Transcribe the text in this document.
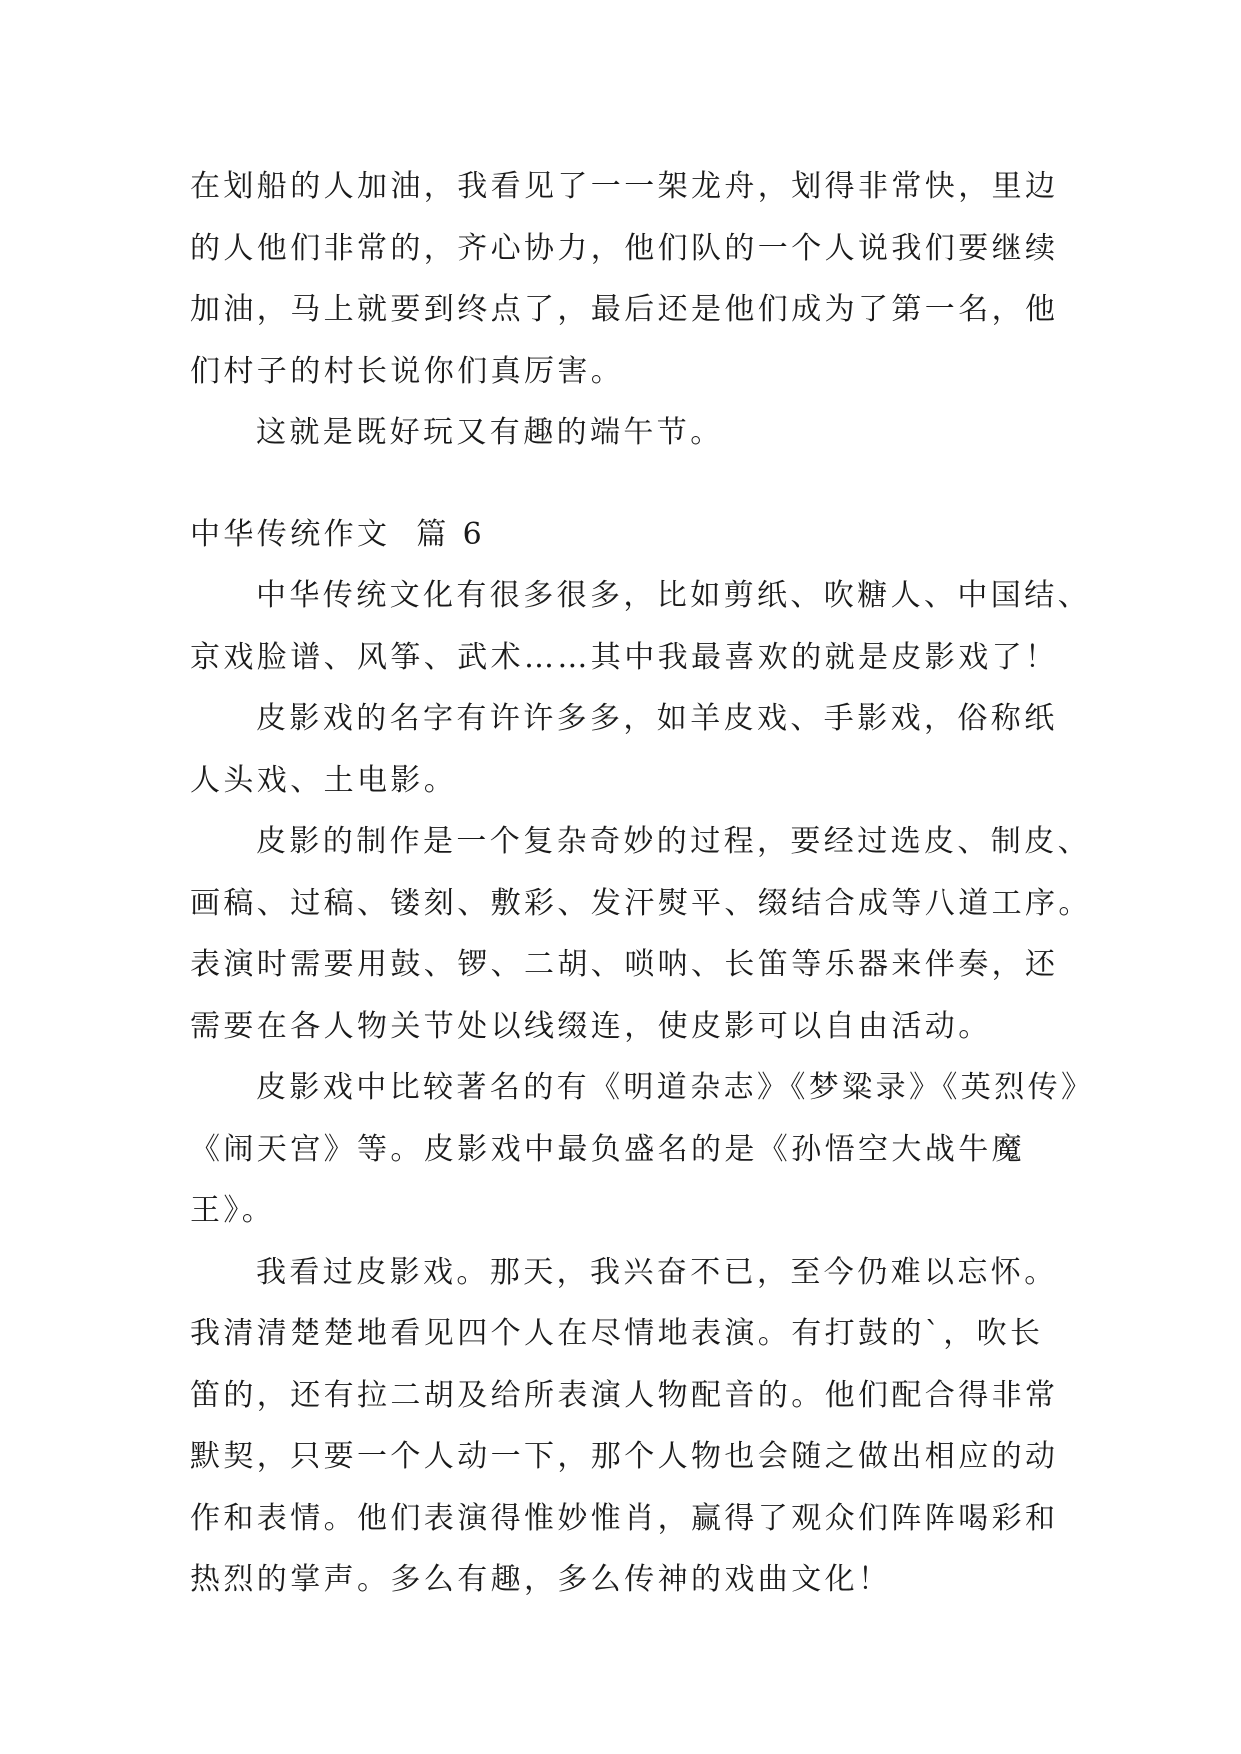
在划船的人加油，我看见了一一架龙舟，划得非常快，里边
的人他们非常的，齐心协力，他们队的一个人说我们要继续
加油，马上就要到终点了，最后还是他们成为了第一名，他
们村子的村长说你们真厉害。
这就是既好玩又有趣的端午节。
中华传统作文  篇 6
中华传统文化有很多很多，比如剪纸、吹糖人、中国结、
京戏脸谱、风筝、武术……其中我最喜欢的就是皮影戏了！
皮影戏的名字有许许多多，如羊皮戏、手影戏，俗称纸
人头戏、土电影。
皮影的制作是一个复杂奇妙的过程，要经过选皮、制皮、
画稿、过稿、镂刻、敷彩、发汗熨平、缀结合成等八道工序。
表演时需要用鼓、锣、二胡、唢呐、长笛等乐器来伴奏，还
需要在各人物关节处以线缀连，使皮影可以自由活动。
皮影戏中比较著名的有《明道杂志》《梦粱录》《英烈传》
《闹天宫》等。皮影戏中最负盛名的是《孙悟空大战牛魔
王》。
我看过皮影戏。那天，我兴奋不已，至今仍难以忘怀。
我清清楚楚地看见四个人在尽情地表演。有打鼓的`，吹长
笛的，还有拉二胡及给所表演人物配音的。他们配合得非常
默契，只要一个人动一下，那个人物也会随之做出相应的动
作和表情。他们表演得惟妙惟肖，赢得了观众们阵阵喝彩和
热烈的掌声。多么有趣，多么传神的戏曲文化！
